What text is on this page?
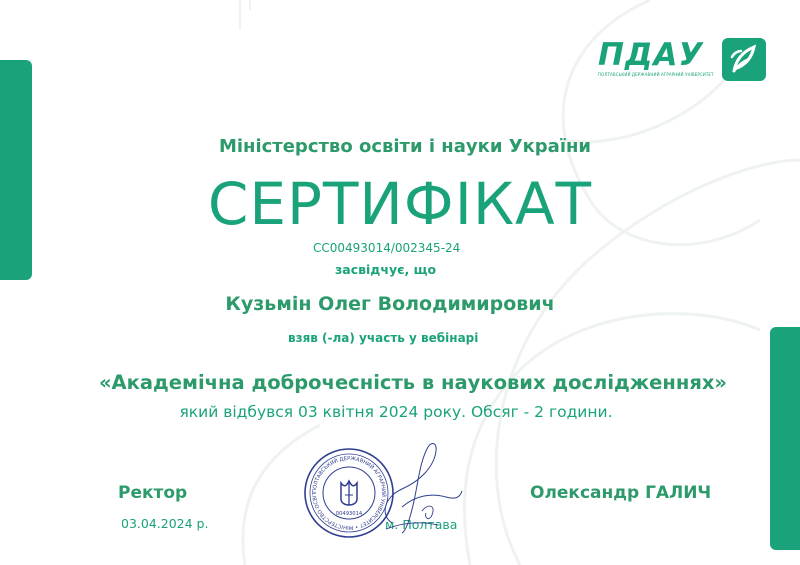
ПДАУ
ПОЛТАВСЬКИЙ ДЕРЖАВНИЙ АГРАРНИЙ УНІВЕРСИТЕТ
Міністерство освіти і науки України
СЕРТИФІКАТ
CC00493014/002345-24
засвідчує, що
Кузьмін Олег Володимирович
взяв (-ла) участь у вебінарі
«Академічна доброчесність в наукових дослідженнях»
який відбувся 03 квітня 2024 року. Обсяг - 2 години.
Ректор	Олександр ГАЛИЧ
03.04.2024 р.	м. Полтава
ПОЛТАВСЬКИЙ ДЕРЖАВНИЙ АГРАРНИЙ УНІВЕРСИТЕТ • МІНІСТЕРСТВО ОСВІТ
00493014
